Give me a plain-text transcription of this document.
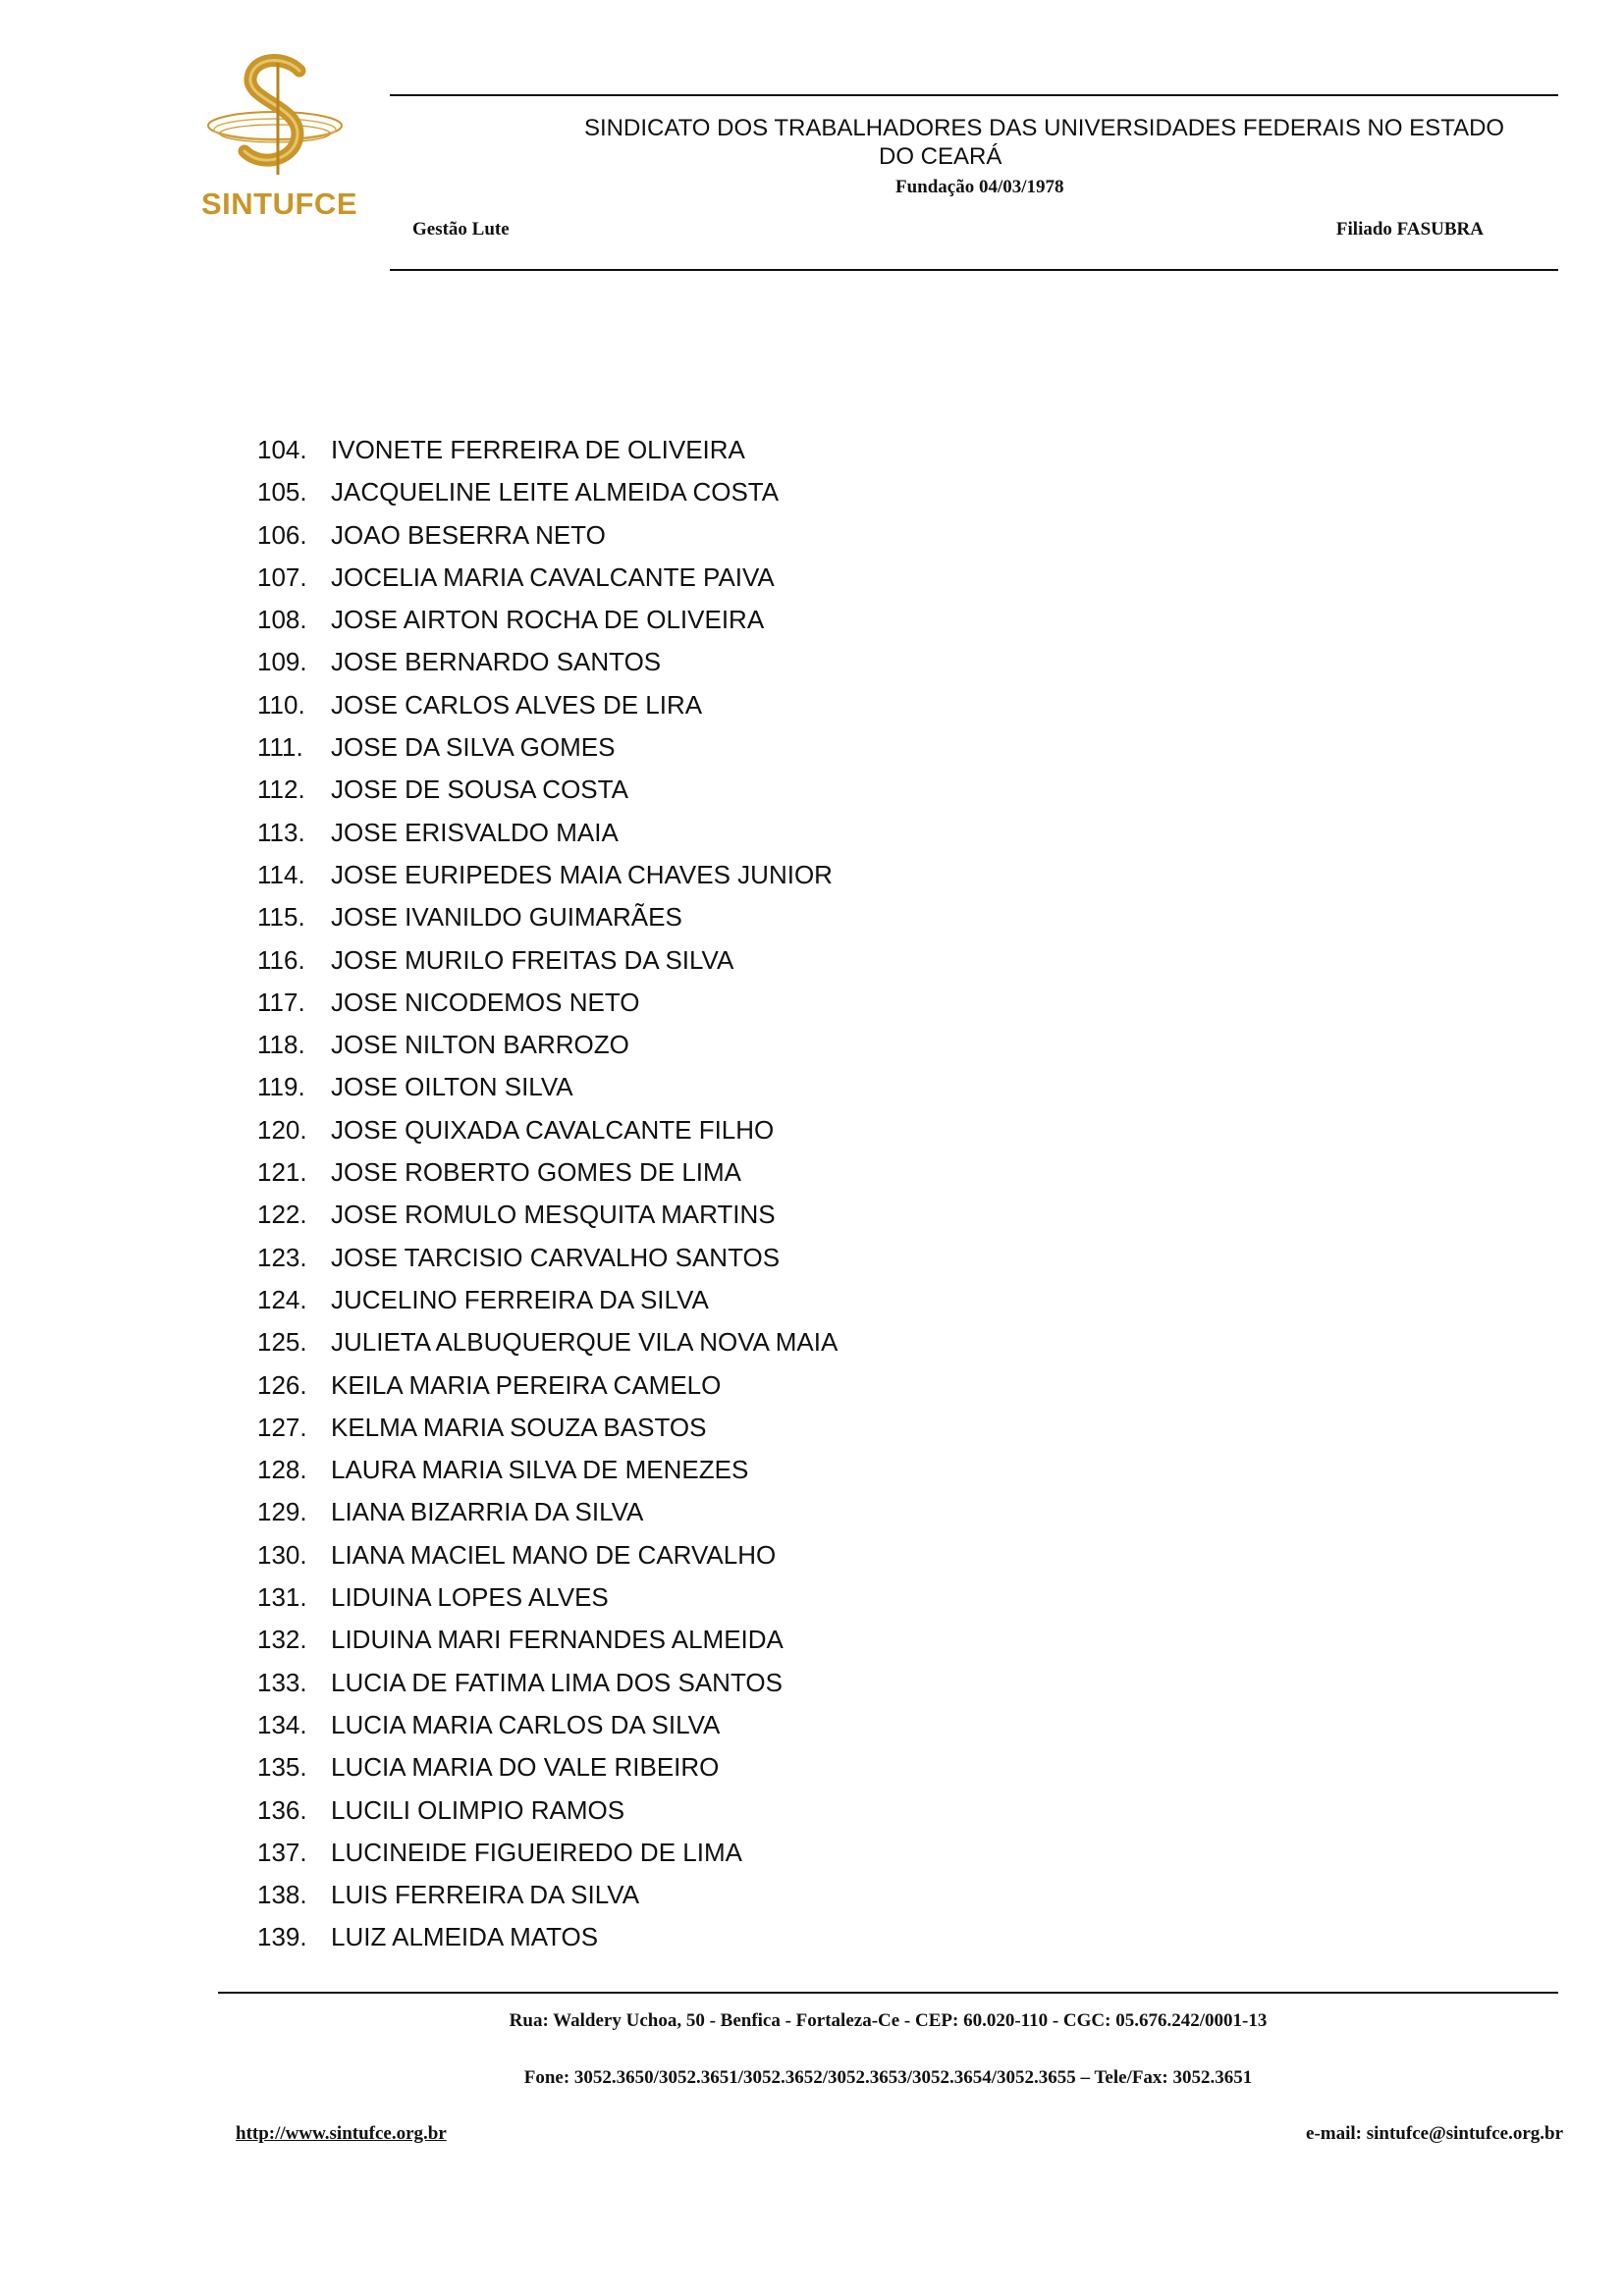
SINTUFCE
SINDICATO DOS TRABALHADORES DAS UNIVERSIDADES FEDERAIS NO ESTADO
DO CEARÁ
Fundação 04/03/1978
Gestão Lute	Filiado FASUBRA
104. IVONETE FERREIRA DE OLIVEIRA
105. JACQUELINE LEITE ALMEIDA COSTA
106. JOAO BESERRA NETO
107. JOCELIA MARIA CAVALCANTE PAIVA
108. JOSE AIRTON ROCHA DE OLIVEIRA
109. JOSE BERNARDO SANTOS
110. JOSE CARLOS ALVES DE LIRA
111. JOSE DA SILVA GOMES
112. JOSE DE SOUSA COSTA
113. JOSE ERISVALDO MAIA
114. JOSE EURIPEDES MAIA CHAVES JUNIOR
115. JOSE IVANILDO GUIMARÃES
116. JOSE MURILO FREITAS DA SILVA
117. JOSE NICODEMOS NETO
118. JOSE NILTON BARROZO
119. JOSE OILTON SILVA
120. JOSE QUIXADA CAVALCANTE FILHO
121. JOSE ROBERTO GOMES DE LIMA
122. JOSE ROMULO MESQUITA MARTINS
123. JOSE TARCISIO CARVALHO SANTOS
124. JUCELINO FERREIRA DA SILVA
125. JULIETA ALBUQUERQUE VILA NOVA MAIA
126. KEILA MARIA PEREIRA CAMELO
127. KELMA MARIA SOUZA BASTOS
128. LAURA MARIA SILVA DE MENEZES
129. LIANA BIZARRIA DA SILVA
130. LIANA MACIEL MANO DE CARVALHO
131. LIDUINA LOPES ALVES
132. LIDUINA MARI FERNANDES ALMEIDA
133. LUCIA DE FATIMA LIMA DOS SANTOS
134. LUCIA MARIA CARLOS DA SILVA
135. LUCIA MARIA DO VALE RIBEIRO
136. LUCILI OLIMPIO RAMOS
137. LUCINEIDE FIGUEIREDO DE LIMA
138. LUIS FERREIRA DA SILVA
139. LUIZ ALMEIDA MATOS
Rua: Waldery Uchoa, 50 - Benfica - Fortaleza-Ce - CEP: 60.020-110 - CGC: 05.676.242/0001-13
Fone: 3052.3650/3052.3651/3052.3652/3052.3653/3052.3654/3052.3655 – Tele/Fax: 3052.3651
http://www.sintufce.org.br	e-mail: sintufce@sintufce.org.br
